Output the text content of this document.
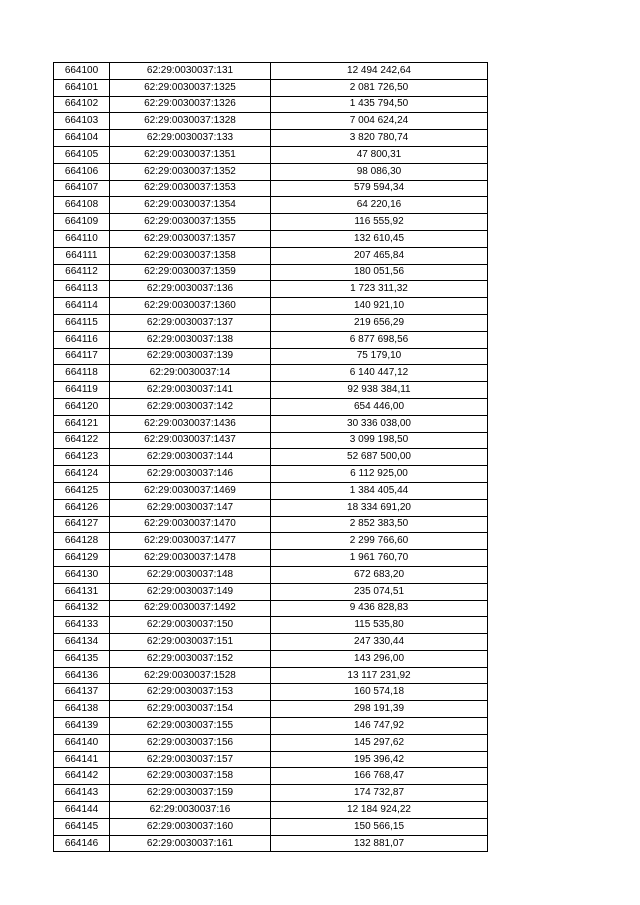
664100	62:29:0030037:131	12 494 242,64
664101	62:29:0030037:1325	2 081 726,50
664102	62:29:0030037:1326	1 435 794,50
664103	62:29:0030037:1328	7 004 624,24
664104	62:29:0030037:133	3 820 780,74
664105	62:29:0030037:1351	47 800,31
664106	62:29:0030037:1352	98 086,30
664107	62:29:0030037:1353	579 594,34
664108	62:29:0030037:1354	64 220,16
664109	62:29:0030037:1355	116 555,92
664110	62:29:0030037:1357	132 610,45
664111	62:29:0030037:1358	207 465,84
664112	62:29:0030037:1359	180 051,56
664113	62:29:0030037:136	1 723 311,32
664114	62:29:0030037:1360	140 921,10
664115	62:29:0030037:137	219 656,29
664116	62:29:0030037:138	6 877 698,56
664117	62:29:0030037:139	75 179,10
664118	62:29:0030037:14	6 140 447,12
664119	62:29:0030037:141	92 938 384,11
664120	62:29:0030037:142	654 446,00
664121	62:29:0030037:1436	30 336 038,00
664122	62:29:0030037:1437	3 099 198,50
664123	62:29:0030037:144	52 687 500,00
664124	62:29:0030037:146	6 112 925,00
664125	62:29:0030037:1469	1 384 405,44
664126	62:29:0030037:147	18 334 691,20
664127	62:29:0030037:1470	2 852 383,50
664128	62:29:0030037:1477	2 299 766,60
664129	62:29:0030037:1478	1 961 760,70
664130	62:29:0030037:148	672 683,20
664131	62:29:0030037:149	235 074,51
664132	62:29:0030037:1492	9 436 828,83
664133	62:29:0030037:150	115 535,80
664134	62:29:0030037:151	247 330,44
664135	62:29:0030037:152	143 296,00
664136	62:29:0030037:1528	13 117 231,92
664137	62:29:0030037:153	160 574,18
664138	62:29:0030037:154	298 191,39
664139	62:29:0030037:155	146 747,92
664140	62:29:0030037:156	145 297,62
664141	62:29:0030037:157	195 396,42
664142	62:29:0030037:158	166 768,47
664143	62:29:0030037:159	174 732,87
664144	62:29:0030037:16	12 184 924,22
664145	62:29:0030037:160	150 566,15
664146	62:29:0030037:161	132 881,07
